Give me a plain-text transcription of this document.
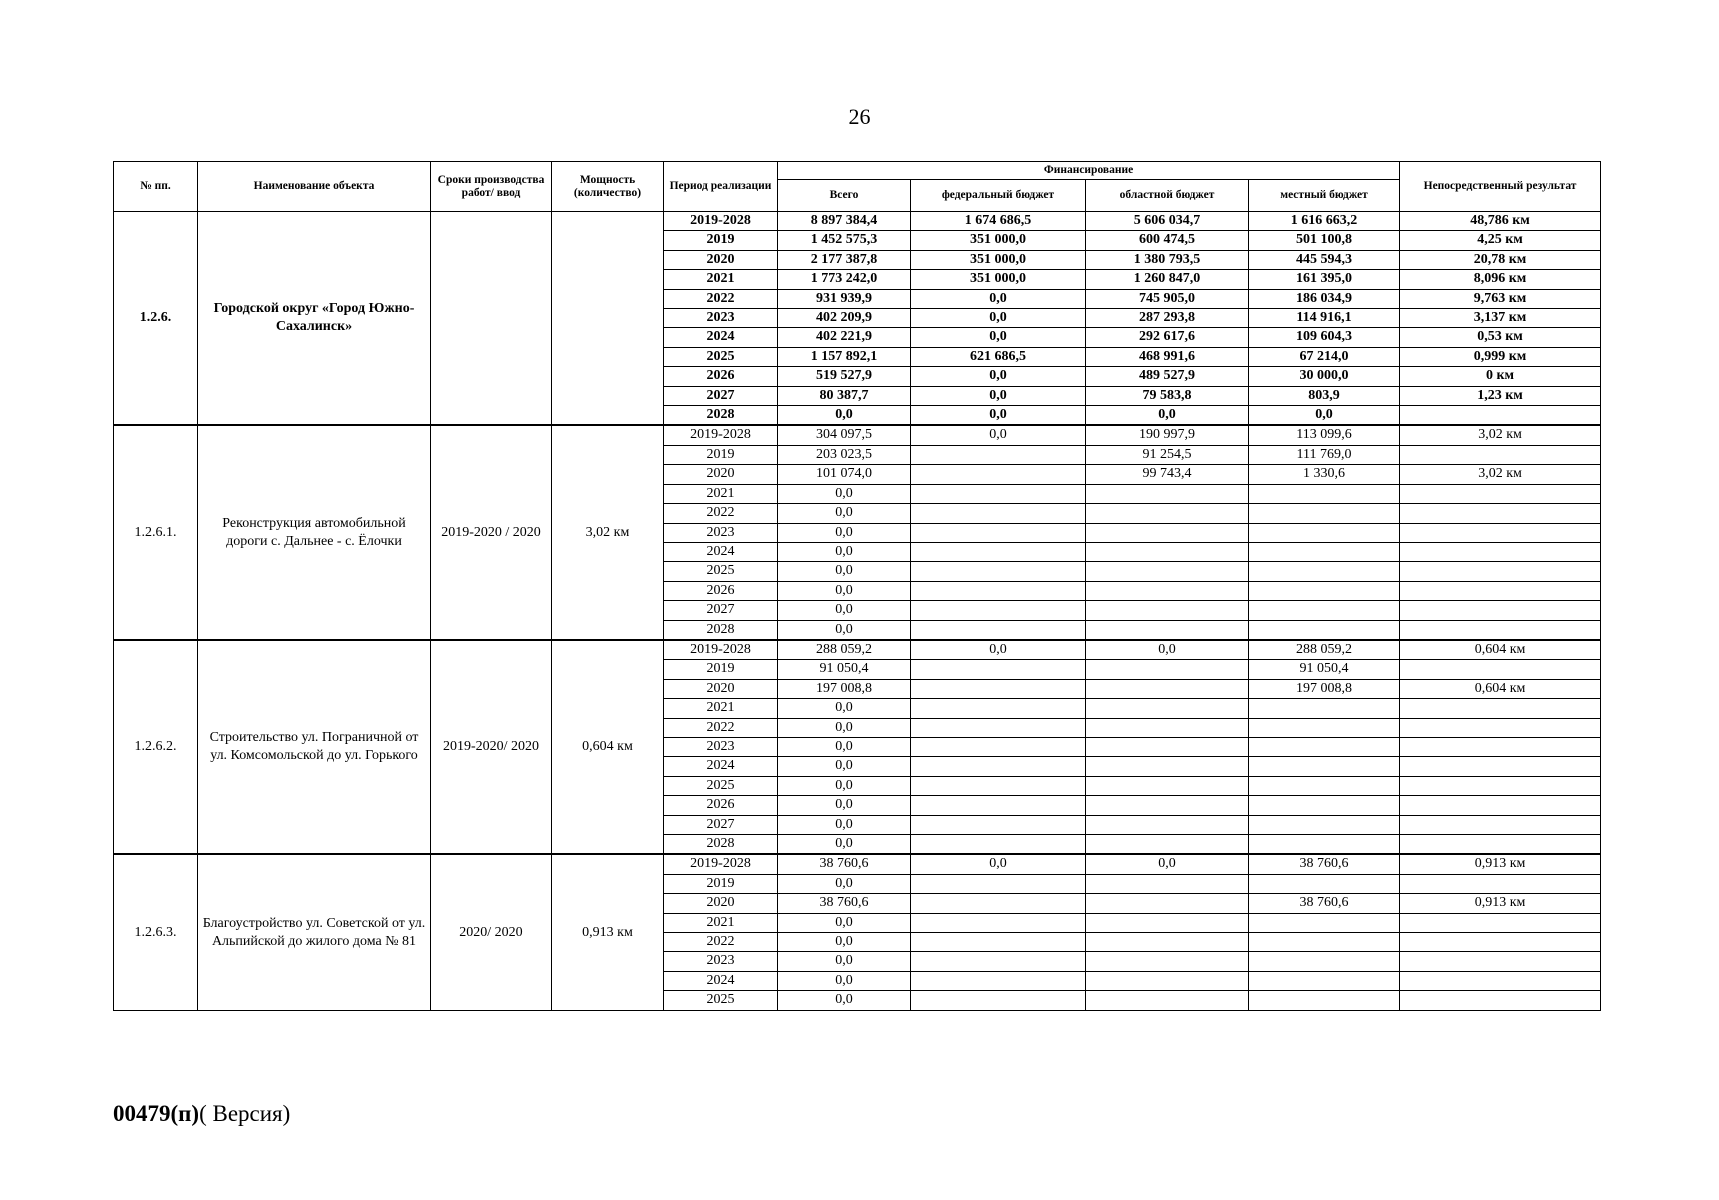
26
№ пп.	Наименование объекта	Сроки производства работ/ ввод	Мощность (количество)	Период реализации	Финансирование				Непосредственный результат
					Всего	федеральный бюджет	областной бюджет	местный бюджет	
1.2.6.	Городской округ «Город Южно-Сахалинск»			2019-2028	8 897 384,4	1 674 686,5	5 606 034,7	1 616 663,2	48,786 км
				2019	1 452 575,3	351 000,0	600 474,5	501 100,8	4,25 км
				2020	2 177 387,8	351 000,0	1 380 793,5	445 594,3	20,78 км
				2021	1 773 242,0	351 000,0	1 260 847,0	161 395,0	8,096 км
				2022	931 939,9	0,0	745 905,0	186 034,9	9,763 км
				2023	402 209,9	0,0	287 293,8	114 916,1	3,137 км
				2024	402 221,9	0,0	292 617,6	109 604,3	0,53 км
				2025	1 157 892,1	621 686,5	468 991,6	67 214,0	0,999 км
				2026	519 527,9	0,0	489 527,9	30 000,0	0 км
				2027	80 387,7	0,0	79 583,8	803,9	1,23 км
				2028	0,0	0,0	0,0	0,0	
1.2.6.1.	Реконструкция автомобильной дороги с. Дальнее - с. Ёлочки	2019-2020 / 2020	3,02 км	2019-2028	304 097,5	0,0	190 997,9	113 099,6	3,02 км
				2019	203 023,5		91 254,5	111 769,0	
				2020	101 074,0		99 743,4	1 330,6	3,02 км
				2021	0,0				
				2022	0,0				
				2023	0,0				
				2024	0,0				
				2025	0,0				
				2026	0,0				
				2027	0,0				
				2028	0,0				
1.2.6.2.	Строительство ул. Пограничной от ул. Комсомольской до ул. Горького	2019-2020/ 2020	0,604 км	2019-2028	288 059,2	0,0	0,0	288 059,2	0,604 км
				2019	91 050,4			91 050,4	
				2020	197 008,8			197 008,8	0,604 км
				2021	0,0				
				2022	0,0				
				2023	0,0				
				2024	0,0				
				2025	0,0				
				2026	0,0				
				2027	0,0				
				2028	0,0				
1.2.6.3.	Благоустройство ул. Советской от ул. Альпийской до жилого дома № 81	2020/ 2020	0,913 км	2019-2028	38 760,6	0,0	0,0	38 760,6	0,913 км
				2019	0,0				
				2020	38 760,6			38 760,6	0,913 км
				2021	0,0				
				2022	0,0				
				2023	0,0				
				2024	0,0				
				2025	0,0				
00479(п)( Версия)
